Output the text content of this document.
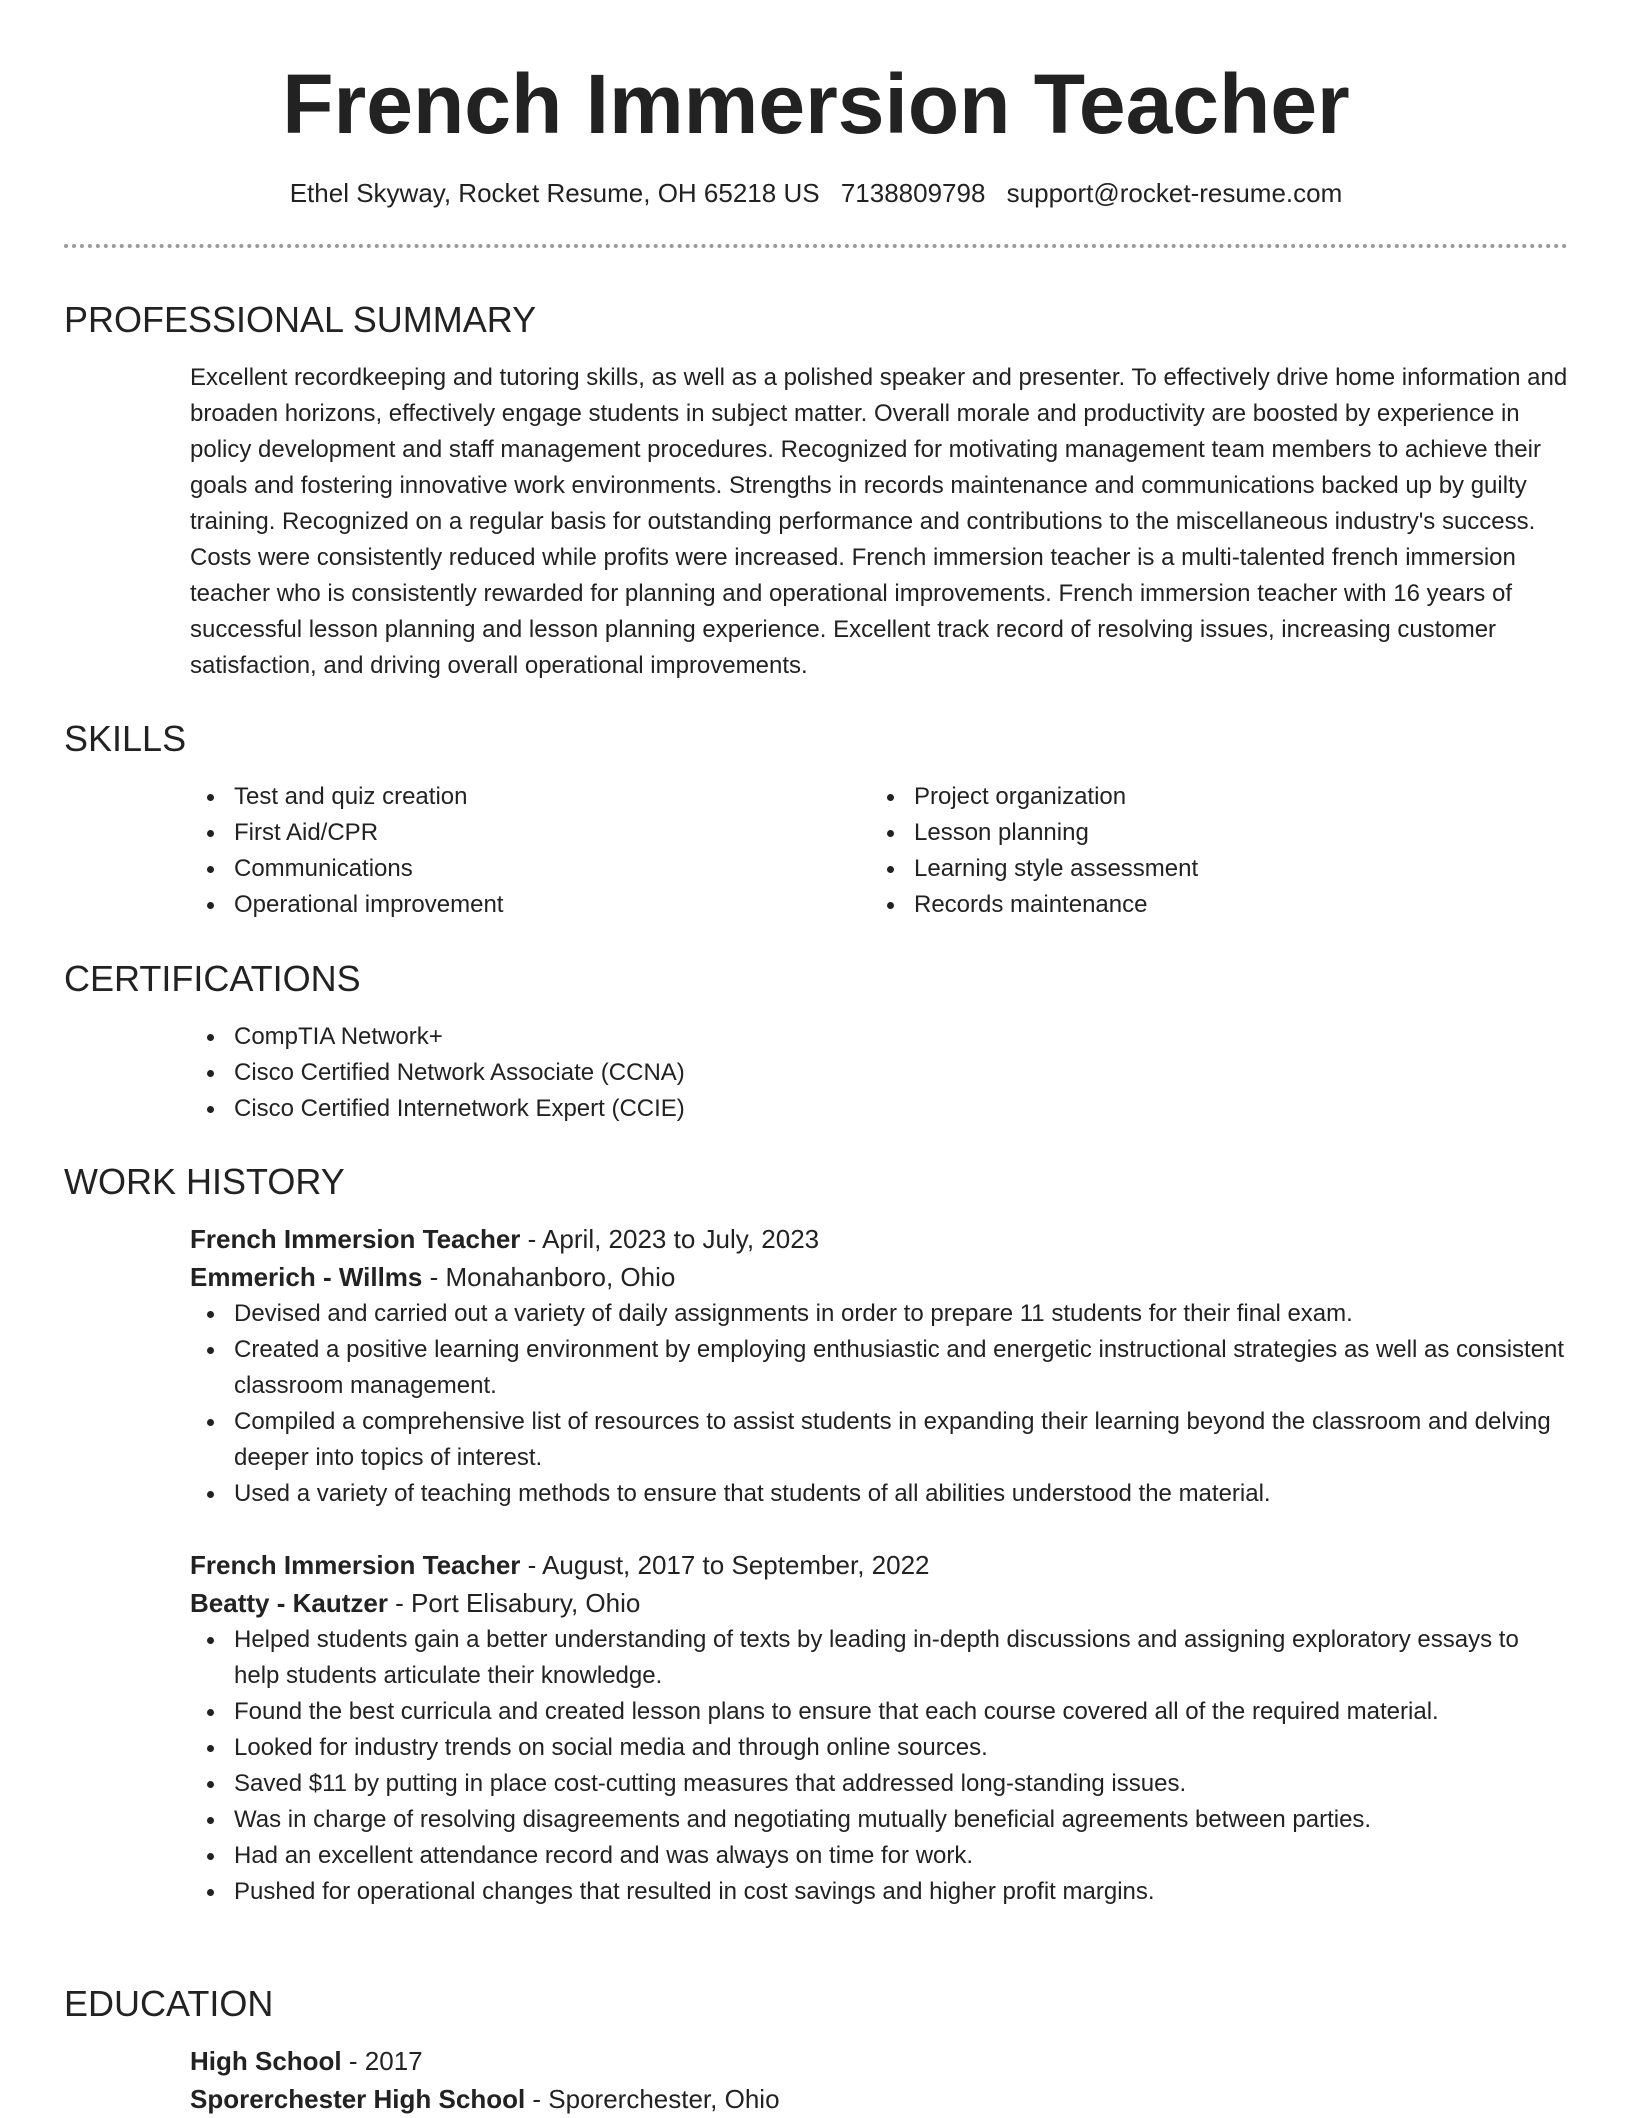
French Immersion Teacher
Ethel Skyway, Rocket Resume, OH 65218 US 7138809798 support@rocket-resume.com
PROFESSIONAL SUMMARY
Excellent recordkeeping and tutoring skills, as well as a polished speaker and presenter. To effectively drive home information and broaden horizons, effectively engage students in subject matter. Overall morale and productivity are boosted by experience in policy development and staff management procedures. Recognized for motivating management team members to achieve their goals and fostering innovative work environments. Strengths in records maintenance and communications backed up by guilty training. Recognized on a regular basis for outstanding performance and contributions to the miscellaneous industry's success. Costs were consistently reduced while profits were increased. French immersion teacher is a multi-talented french immersion teacher who is consistently rewarded for planning and operational improvements. French immersion teacher with 16 years of successful lesson planning and lesson planning experience. Excellent track record of resolving issues, increasing customer satisfaction, and driving overall operational improvements.
SKILLS
Test and quiz creation
First Aid/CPR
Communications
Operational improvement
Project organization
Lesson planning
Learning style assessment
Records maintenance
CERTIFICATIONS
CompTIA Network+
Cisco Certified Network Associate (CCNA)
Cisco Certified Internetwork Expert (CCIE)
WORK HISTORY
French Immersion Teacher - April, 2023 to July, 2023
Emmerich - Willms - Monahanboro, Ohio
Devised and carried out a variety of daily assignments in order to prepare 11 students for their final exam.
Created a positive learning environment by employing enthusiastic and energetic instructional strategies as well as consistent classroom management.
Compiled a comprehensive list of resources to assist students in expanding their learning beyond the classroom and delving deeper into topics of interest.
Used a variety of teaching methods to ensure that students of all abilities understood the material.
French Immersion Teacher - August, 2017 to September, 2022
Beatty - Kautzer - Port Elisabury, Ohio
Helped students gain a better understanding of texts by leading in-depth discussions and assigning exploratory essays to help students articulate their knowledge.
Found the best curricula and created lesson plans to ensure that each course covered all of the required material.
Looked for industry trends on social media and through online sources.
Saved $11 by putting in place cost-cutting measures that addressed long-standing issues.
Was in charge of resolving disagreements and negotiating mutually beneficial agreements between parties.
Had an excellent attendance record and was always on time for work.
Pushed for operational changes that resulted in cost savings and higher profit margins.
EDUCATION
High School - 2017
Sporerchester High School - Sporerchester, Ohio
